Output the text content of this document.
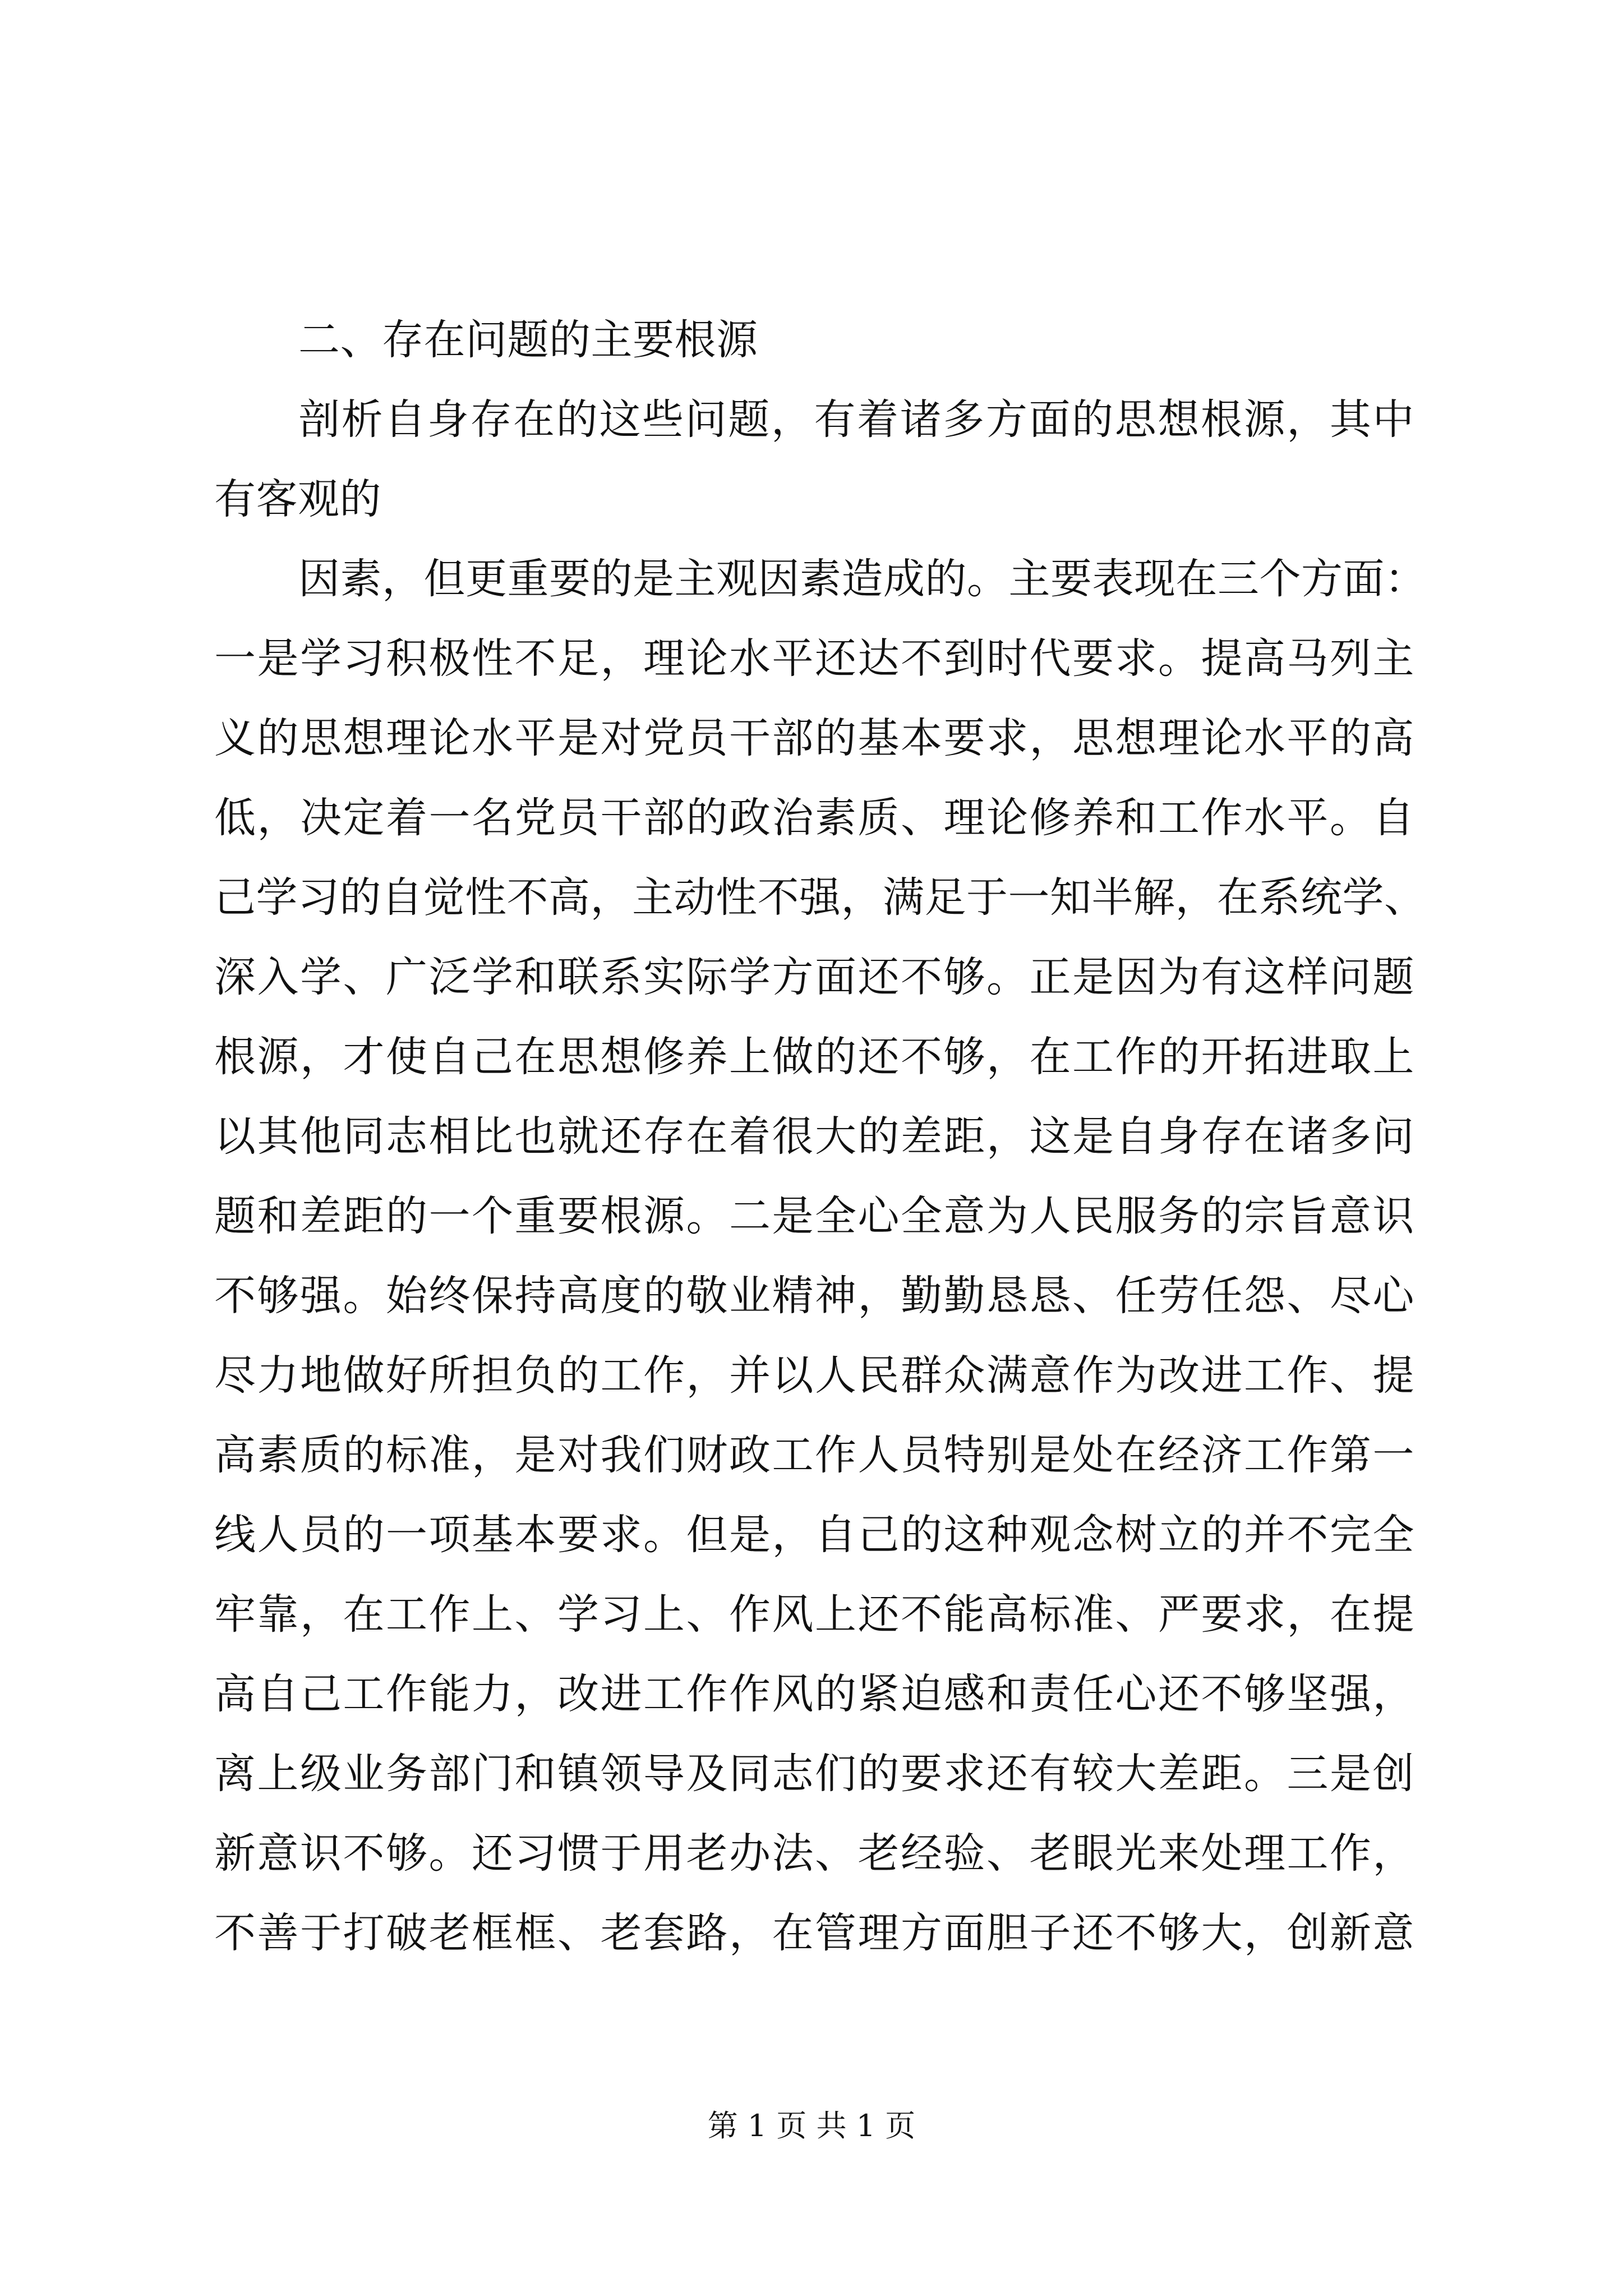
二、存在问题的主要根源
剖析自身存在的这些问题，有着诸多方面的思想根源，其中
有客观的
因素，但更重要的是主观因素造成的。主要表现在三个方面：
一是学习积极性不足，理论水平还达不到时代要求。提高马列主
义的思想理论水平是对党员干部的基本要求，思想理论水平的高
低，决定着一名党员干部的政治素质、理论修养和工作水平。自
己学习的自觉性不高，主动性不强，满足于一知半解，在系统学、
深入学、广泛学和联系实际学方面还不够。正是因为有这样问题
根源，才使自己在思想修养上做的还不够，在工作的开拓进取上
以其他同志相比也就还存在着很大的差距，这是自身存在诸多问
题和差距的一个重要根源。二是全心全意为人民服务的宗旨意识
不够强。始终保持高度的敬业精神，勤勤恳恳、任劳任怨、尽心
尽力地做好所担负的工作，并以人民群众满意作为改进工作、提
高素质的标准，是对我们财政工作人员特别是处在经济工作第一
线人员的一项基本要求。但是，自己的这种观念树立的并不完全
牢靠，在工作上、学习上、作风上还不能高标准、严要求，在提
高自己工作能力，改进工作作风的紧迫感和责任心还不够坚强，
离上级业务部门和镇领导及同志们的要求还有较大差距。三是创
新意识不够。还习惯于用老办法、老经验、老眼光来处理工作，
不善于打破老框框、老套路，在管理方面胆子还不够大，创新意
第 1 页 共 1 页
